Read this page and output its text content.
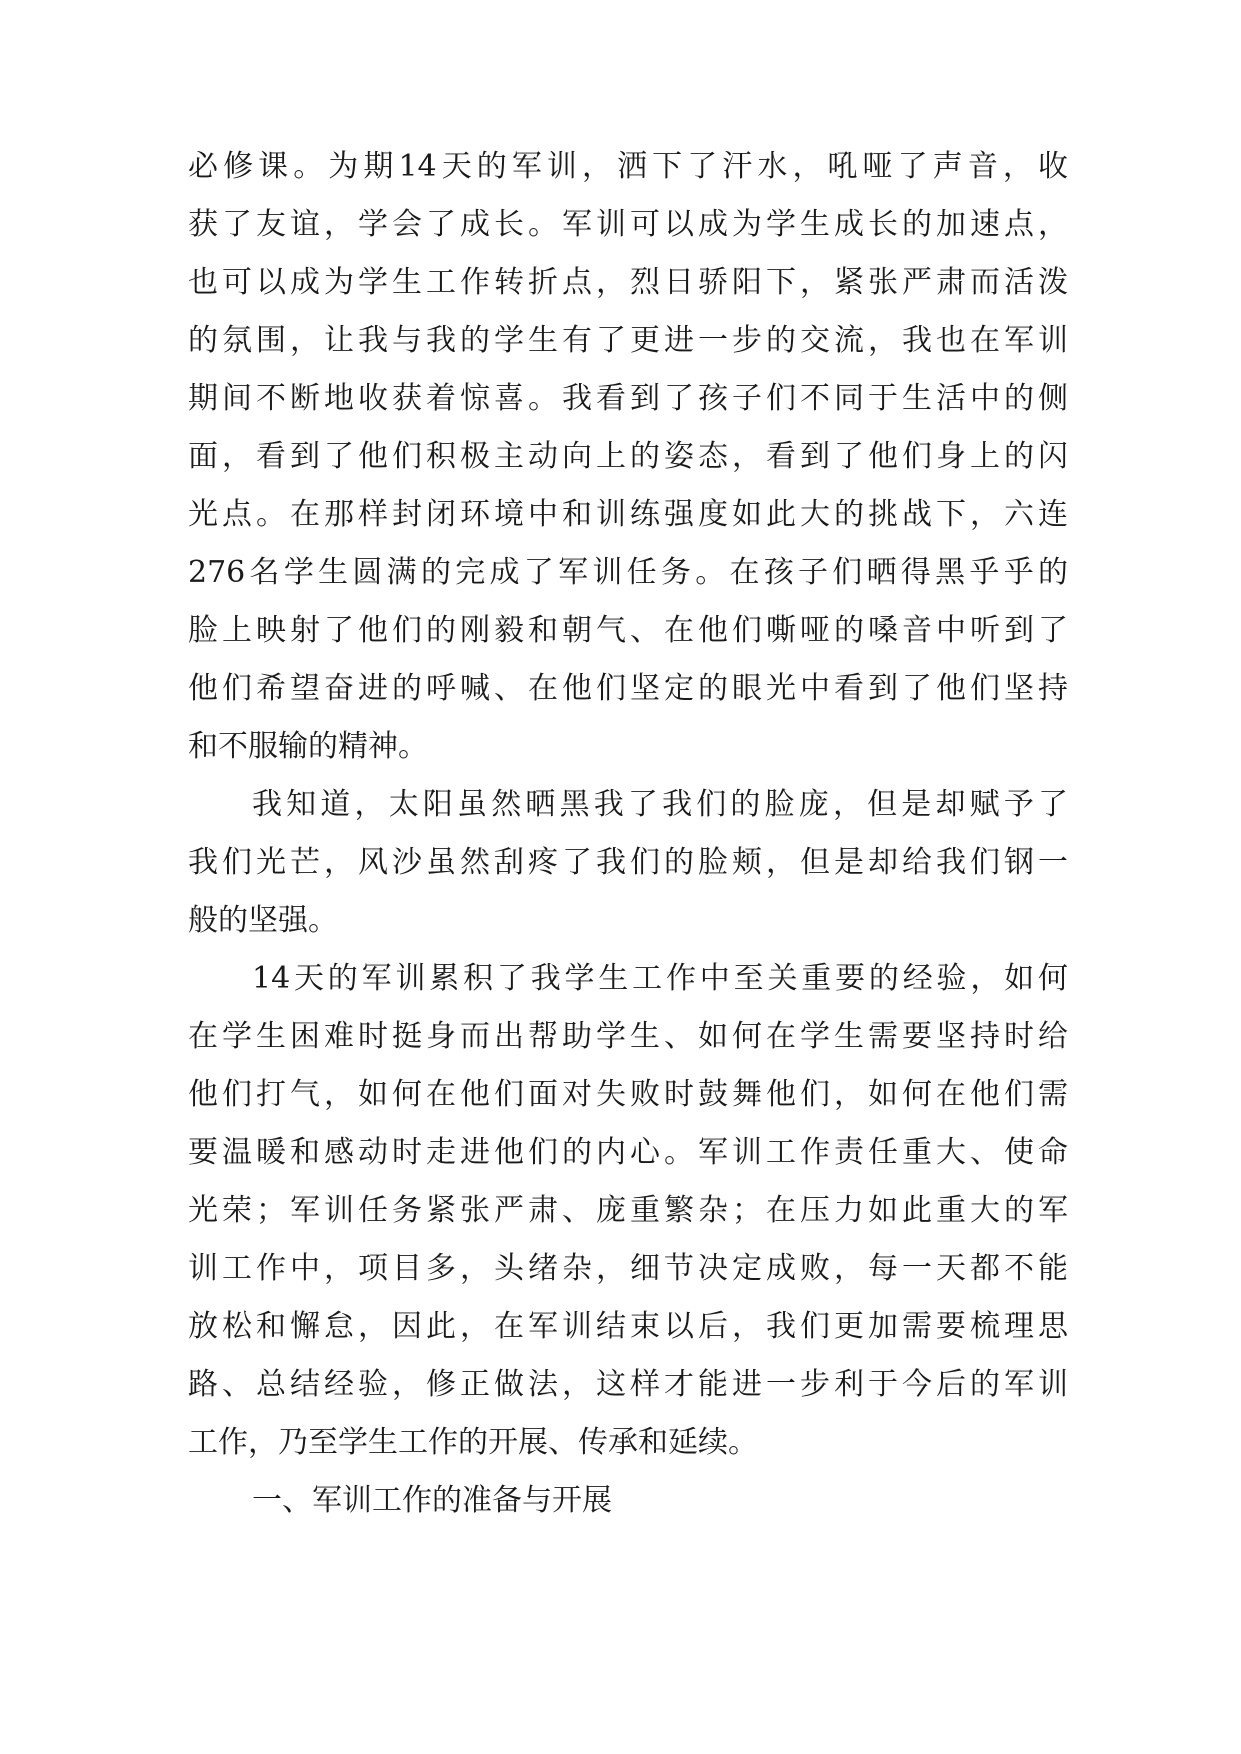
必修课。为期14天的军训，洒下了汗水，吼哑了声音，收
获了友谊，学会了成长。军训可以成为学生成长的加速点，
也可以成为学生工作转折点，烈日骄阳下，紧张严肃而活泼
的氛围，让我与我的学生有了更进一步的交流，我也在军训
期间不断地收获着惊喜。我看到了孩子们不同于生活中的侧
面，看到了他们积极主动向上的姿态，看到了他们身上的闪
光点。在那样封闭环境中和训练强度如此大的挑战下，六连
276名学生圆满的完成了军训任务。在孩子们晒得黑乎乎的
脸上映射了他们的刚毅和朝气、在他们嘶哑的嗓音中听到了
他们希望奋进的呼喊、在他们坚定的眼光中看到了他们坚持
和不服输的精神。
我知道，太阳虽然晒黑我了我们的脸庞，但是却赋予了
我们光芒，风沙虽然刮疼了我们的脸颊，但是却给我们钢一
般的坚强。
14天的军训累积了我学生工作中至关重要的经验，如何
在学生困难时挺身而出帮助学生、如何在学生需要坚持时给
他们打气，如何在他们面对失败时鼓舞他们，如何在他们需
要温暖和感动时走进他们的内心。军训工作责任重大、使命
光荣；军训任务紧张严肃、庞重繁杂；在压力如此重大的军
训工作中，项目多，头绪杂，细节决定成败，每一天都不能
放松和懈怠，因此，在军训结束以后，我们更加需要梳理思
路、总结经验，修正做法，这样才能进一步利于今后的军训
工作，乃至学生工作的开展、传承和延续。
一、军训工作的准备与开展
